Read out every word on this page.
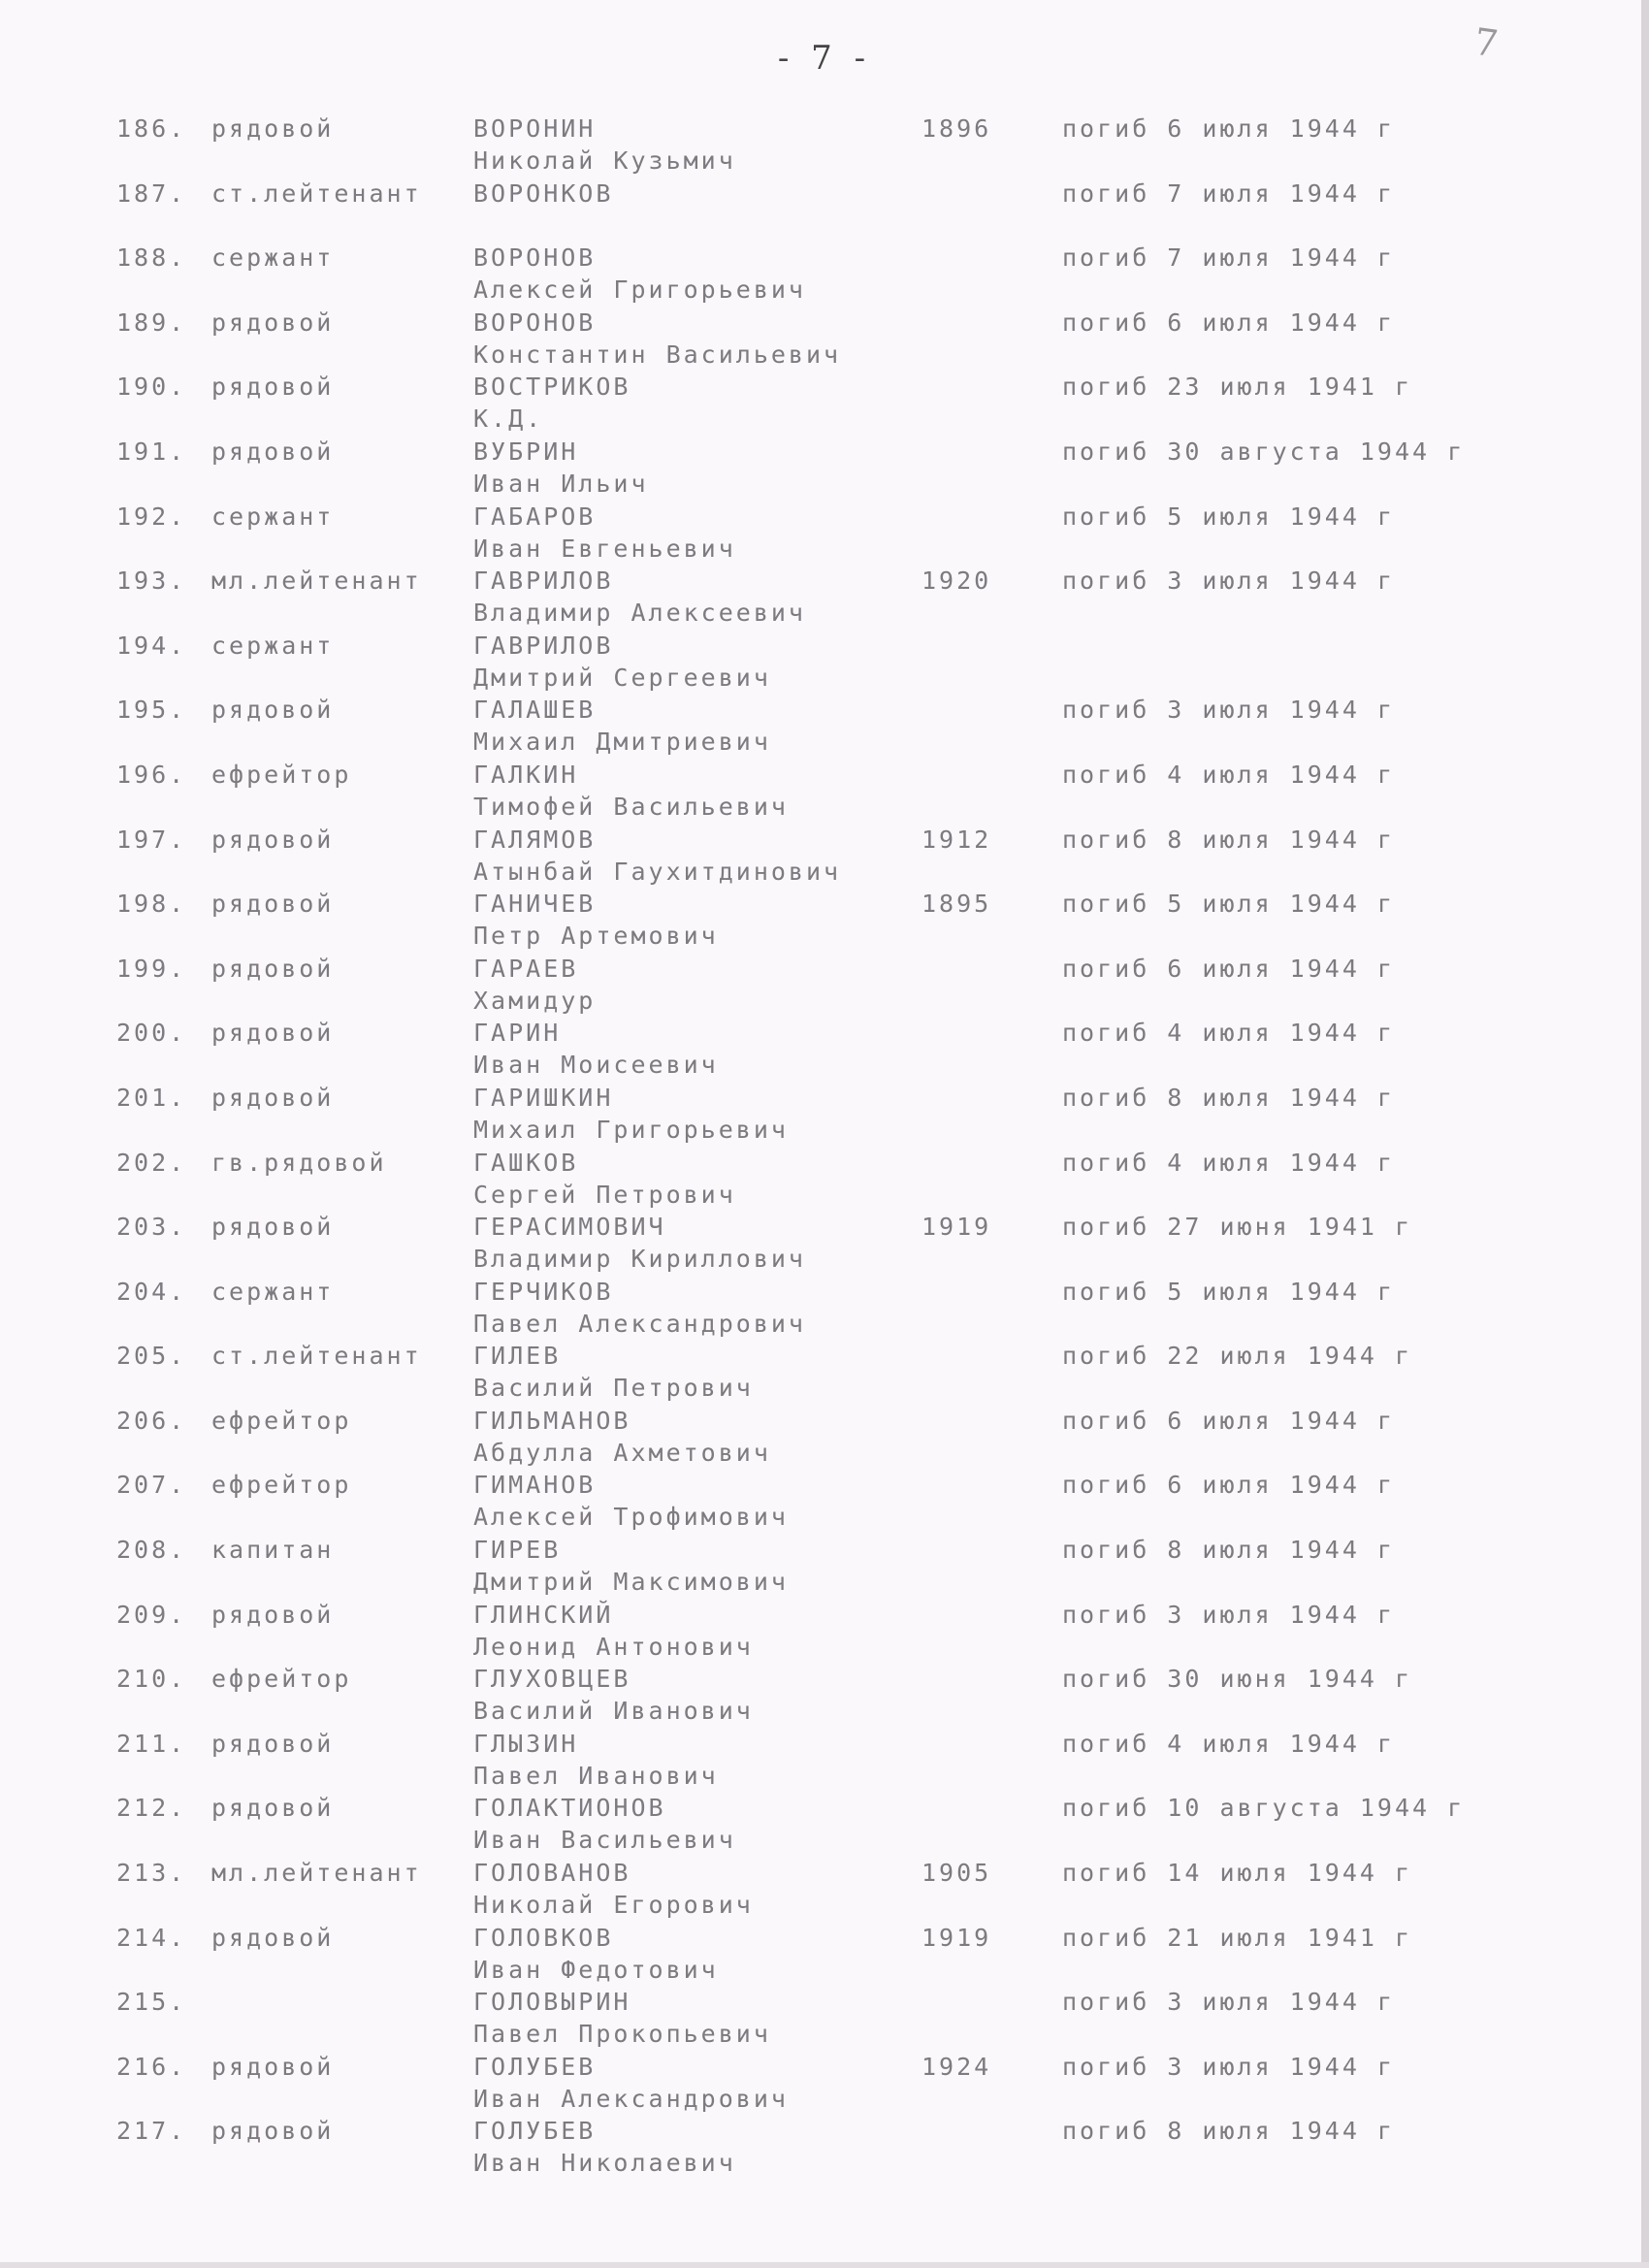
- 7 -	7
186. рядовой	ВОРОНИН
Николай Кузьмич
1896	погиб 6 июля 1944 г
187. ст.лейтенант ВОРОНКОВ	погиб 7 июля 1944 г
188. сержант	ВОРОНОВ
Алексей Григорьевич
погиб 7 июля 1944 г
189. рядовой	ВОРОНОВ
Константин Васильевич
погиб 6 июля 1944 г
190. рядовой	ВОСТРИКОВ
К.Д.
погиб 23 июля 1941 г
191. рядовой	ВУБРИН
Иван Ильич
погиб 30 августа 1944 г
192. сержант	ГАБАРОВ
Иван Евгеньевич
погиб 5 июля 1944 г
193. мл.лейтенант ГАВРИЛОВ
Владимир Алексеевич
1920	погиб 3 июля 1944 г
194. сержант	ГАВРИЛОВ
Дмитрий Сергеевич
195. рядовой	ГАЛАШЕВ
Михаил Дмитриевич
погиб 3 июля 1944 г
196. ефрейтор	ГАЛКИН
Тимофей Васильевич
погиб 4 июля 1944 г
197. рядовой	ГАЛЯМОВ
Атынбай Гаухитдинович
1912	погиб 8 июля 1944 г
198. рядовой	ГАНИЧЕВ
Петр Артемович
1895	погиб 5 июля 1944 г
199. рядовой	ГАРАЕВ
Хамидур
погиб 6 июля 1944 г
200. рядовой	ГАРИН
Иван Моисеевич
погиб 4 июля 1944 г
201. рядовой	ГАРИШКИН
Михаил Григорьевич
погиб 8 июля 1944 г
202. гв.рядовой	ГАШКОВ
Сергей Петрович
погиб 4 июля 1944 г
203. рядовой	ГЕРАСИМОВИЧ
Владимир Кириллович
1919	погиб 27 июня 1941 г
204. сержант	ГЕРЧИКОВ
Павел Александрович
погиб 5 июля 1944 г
205. ст.лейтенант ГИЛЕВ
Василий Петрович
погиб 22 июля 1944 г
206. ефрейтор	ГИЛЬМАНОВ
Абдулла Ахметович
погиб 6 июля 1944 г
207. ефрейтор	ГИМАНОВ
Алексей Трофимович
погиб 6 июля 1944 г
208. капитан	ГИРЕВ
Дмитрий Максимович
погиб 8 июля 1944 г
209. рядовой	ГЛИНСКИЙ
Леонид Антонович
погиб 3 июля 1944 г
210. ефрейтор	ГЛУХОВЦЕВ
Василий Иванович
погиб 30 июня 1944 г
211. рядовой	ГЛЫЗИН
Павел Иванович
погиб 4 июля 1944 г
212. рядовой	ГОЛАКТИОНОВ
Иван Васильевич
погиб 10 августа 1944 г
213. мл.лейтенант ГОЛОВАНОВ
Николай Егорович
1905	погиб 14 июля 1944 г
214. рядовой	ГОЛОВКОВ
Иван Федотович
1919	погиб 21 июля 1941 г
215.	ГОЛОВЫРИН
Павел Прокопьевич
погиб 3 июля 1944 г
216. рядовой	ГОЛУБЕВ
Иван Александрович
1924	погиб 3 июля 1944 г
217. рядовой	ГОЛУБЕВ
Иван Николаевич
погиб 8 июля 1944 г
